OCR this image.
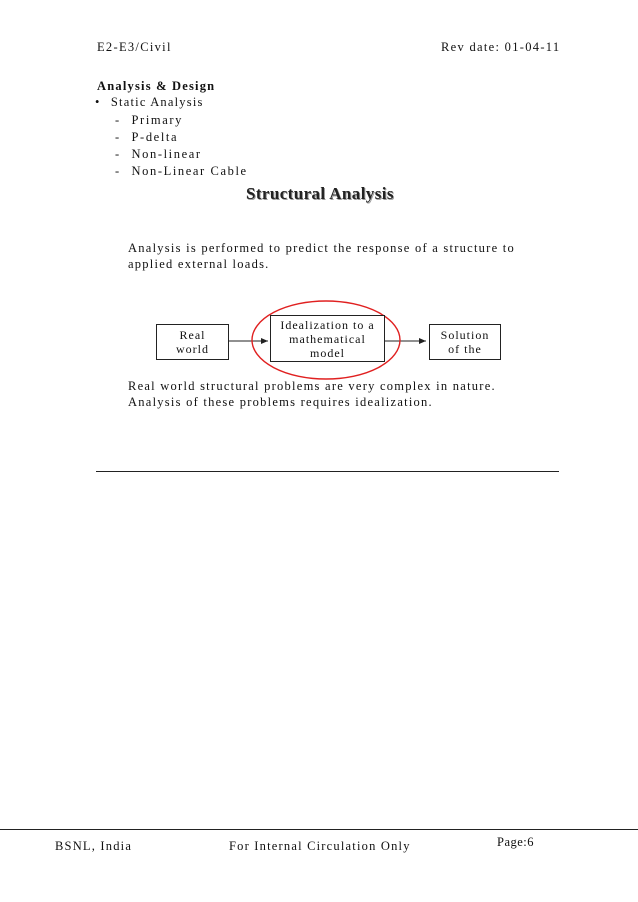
E2-E3/Civil	Rev date: 01-04-11
Analysis & Design
• Static Analysis
- Primary
- P-delta
- Non-linear
- Non-Linear Cable
Structural Analysis
Analysis is performed to predict the response of a structure to
applied external loads.
Real
world
Idealization to a
mathematical
model
Solution
of the
Real world structural problems are very complex in nature.
Analysis of these problems requires idealization.
BSNL, India	For Internal Circulation Only	Page:6
